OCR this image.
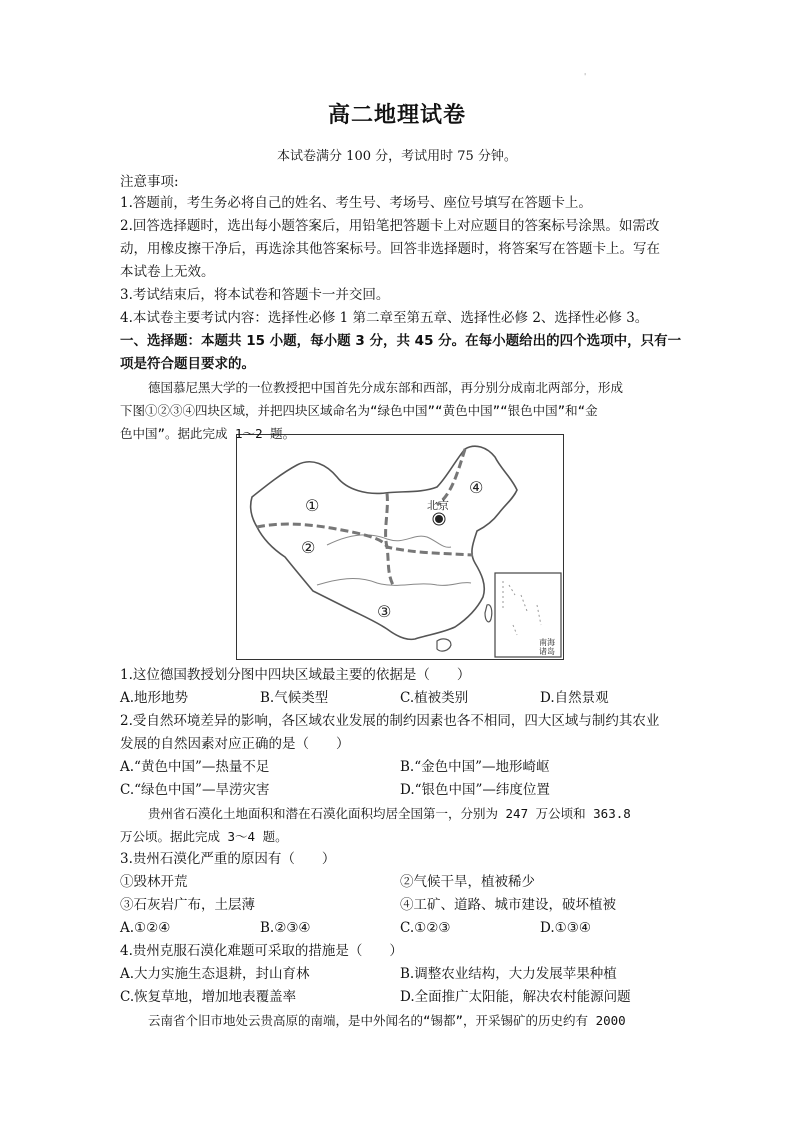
'
高二地理试卷
本试卷满分 100 分，考试用时 75 分钟。
注意事项:
1.答题前，考生务必将自己的姓名、考生号、考场号、座位号填写在答题卡上。
2.回答选择题时，选出每小题答案后，用铅笔把答题卡上对应题目的答案标号涂黑。如需改
动，用橡皮擦干净后，再选涂其他答案标号。回答非选择题时，将答案写在答题卡上。写在
本试卷上无效。
3.考试结束后，将本试卷和答题卡一并交回。
4.本试卷主要考试内容：选择性必修 1 第二章至第五章、选择性必修 2、选择性必修 3。
一、选择题：本题共 15 小题，每小题 3 分，共 45 分。在每小题给出的四个选项中，只有一
项是符合题目要求的。
德国慕尼黑大学的一位教授把中国首先分成东部和西部，再分别分成南北两部分，形成
下图①②③④四块区域，并把四块区域命名为“绿色中国”“黄色中国”“银色中国”和“金
①
②
③
④
北京
南海
诸岛
色中国”。据此完成 1～2 题。
1.这位德国教授划分图中四块区域最主要的依据是（　　）
A.地形地势	B.气候类型	C.植被类别	D.自然景观
2.受自然环境差异的影响，各区域农业发展的制约因素也各不相同，四大区域与制约其农业
发展的自然因素对应正确的是（　　）
A.“黄色中国”—热量不足	B.“金色中国”—地形崎岖
C.“绿色中国”—旱涝灾害	D.“银色中国”—纬度位置
贵州省石漠化土地面积和潜在石漠化面积均居全国第一，分别为 247 万公顷和 363.8
万公顷。据此完成 3～4 题。
3.贵州石漠化严重的原因有（　　）
①毁林开荒	②气候干旱，植被稀少
③石灰岩广布，土层薄	④工矿、道路、城市建设，破坏植被
A.①②④	B.②③④	C.①②③	D.①③④
4.贵州克服石漠化难题可采取的措施是（　　）
A.大力实施生态退耕，封山育林	B.调整农业结构，大力发展苹果种植
C.恢复草地，增加地表覆盖率	D.全面推广太阳能，解决农村能源问题
云南省个旧市地处云贵高原的南端，是中外闻名的“锡都”，开采锡矿的历史约有 2000
